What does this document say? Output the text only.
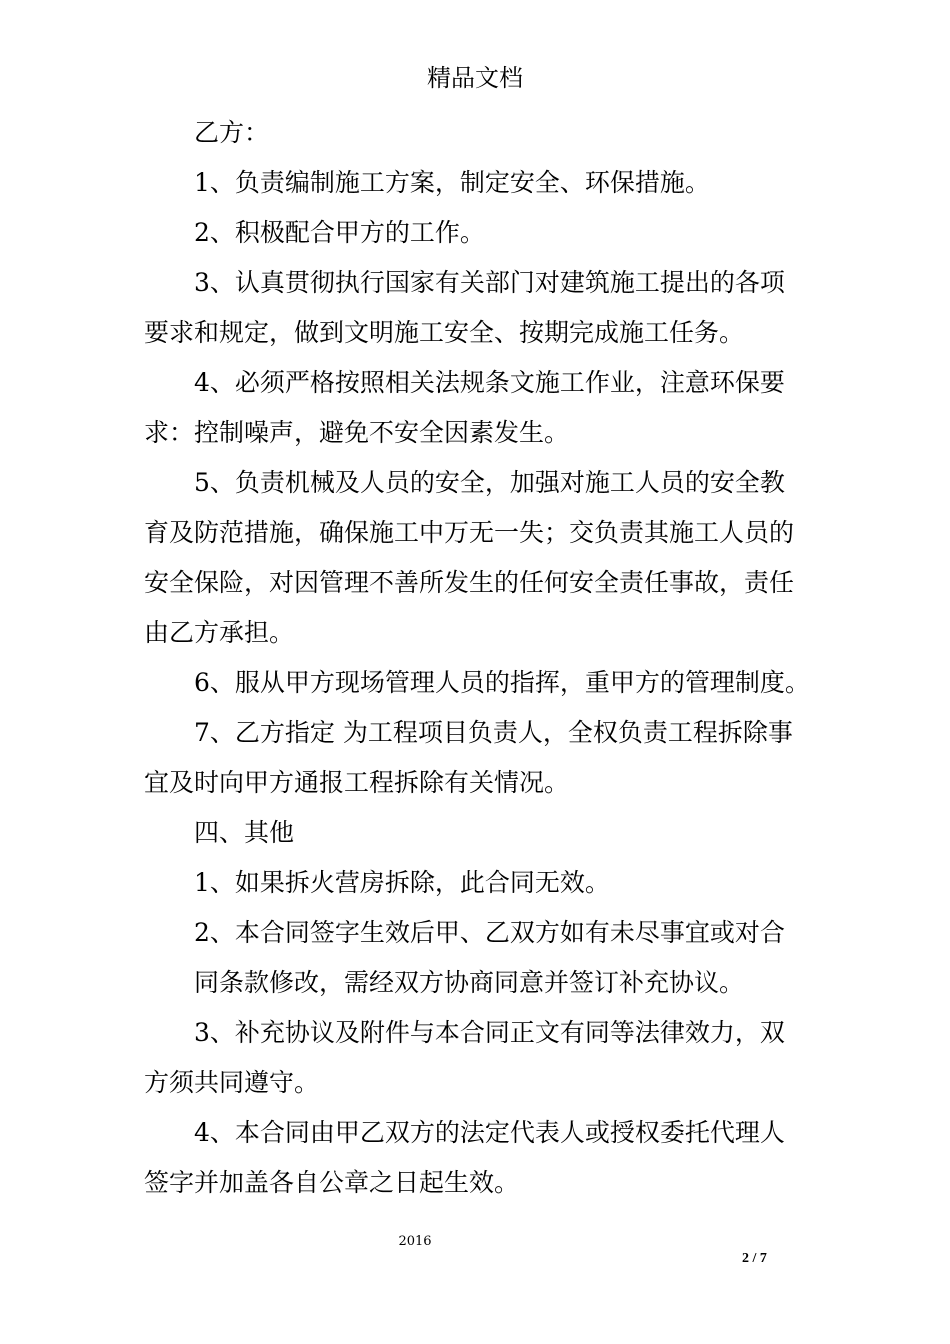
精品文档
乙方：
1、负责编制施工方案，制定安全、环保措施。
2、积极配合甲方的工作。
3、认真贯彻执行国家有关部门对建筑施工提出的各项
要求和规定，做到文明施工安全、按期完成施工任务。
4、必须严格按照相关法规条文施工作业，注意环保要
求：控制噪声，避免不安全因素发生。
5、负责机械及人员的安全，加强对施工人员的安全教
育及防范措施，确保施工中万无一失；交负责其施工人员的
安全保险，对因管理不善所发生的任何安全责任事故，责任
由乙方承担。
6、服从甲方现场管理人员的指挥，重甲方的管理制度。
7、乙方指定 为工程项目负责人，全权负责工程拆除事
宜及时向甲方通报工程拆除有关情况。
四、其他
1、如果拆火营房拆除，此合同无效。
2、本合同签字生效后甲、乙双方如有未尽事宜或对合
同条款修改，需经双方协商同意并签订补充协议。
3、补充协议及附件与本合同正文有同等法律效力，双
方须共同遵守。
4、本合同由甲乙双方的法定代表人或授权委托代理人
签字并加盖各自公章之日起生效。
2016
2 / 7
